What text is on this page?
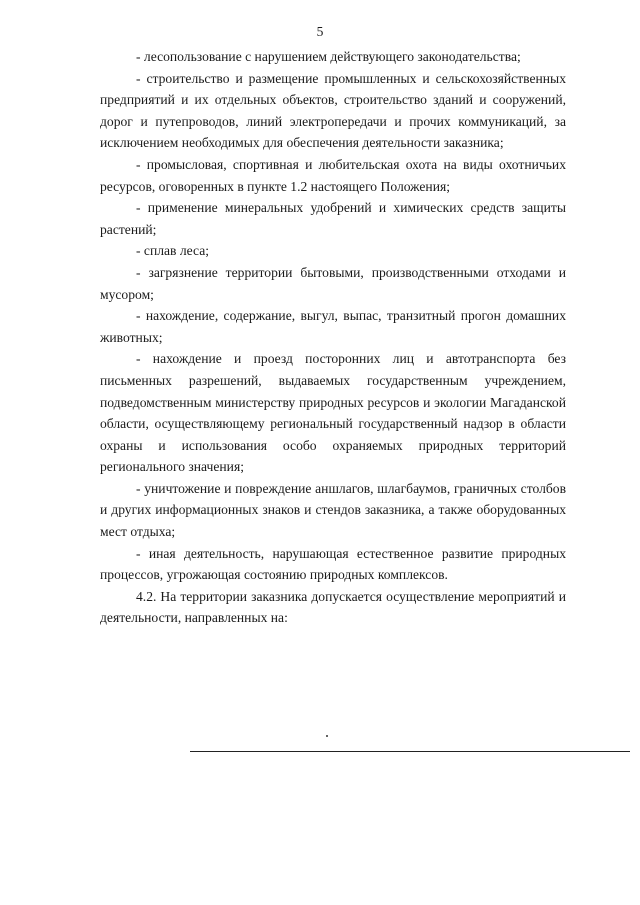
5

- лесопользование с нарушением действующего законодательства;

- строительство и размещение промышленных и сельскохозяйственных предприятий и их отдельных объектов, строительство зданий и сооружений, дорог и путепроводов, линий электропередачи и прочих коммуникаций, за исключением необходимых для обеспечения деятельности заказника;

- промысловая, спортивная и любительская охота на виды охотничьих ресурсов, оговоренных в пункте 1.2 настоящего Положения;

- применение минеральных удобрений и химических средств защиты растений;

- сплав леса;

- загрязнение территории бытовыми, производственными отходами и мусором;

- нахождение, содержание, выгул, выпас, транзитный прогон домашних животных;

- нахождение и проезд посторонних лиц и автотранспорта без письменных разрешений, выдаваемых государственным учреждением, подведомственным министерству природных ресурсов и экологии Магаданской области, осуществляющему региональный государственный надзор в области охраны и использования особо охраняемых природных территорий регионального значения;

- уничтожение и повреждение аншлагов, шлагбаумов, граничных столбов и других информационных знаков и стендов заказника, а также оборудованных мест отдыха;

- иная деятельность, нарушающая естественное развитие природных процессов, угрожающая состоянию природных комплексов.

4.2. На территории заказника допускается осуществление мероприятий и деятельности, направленных на:
